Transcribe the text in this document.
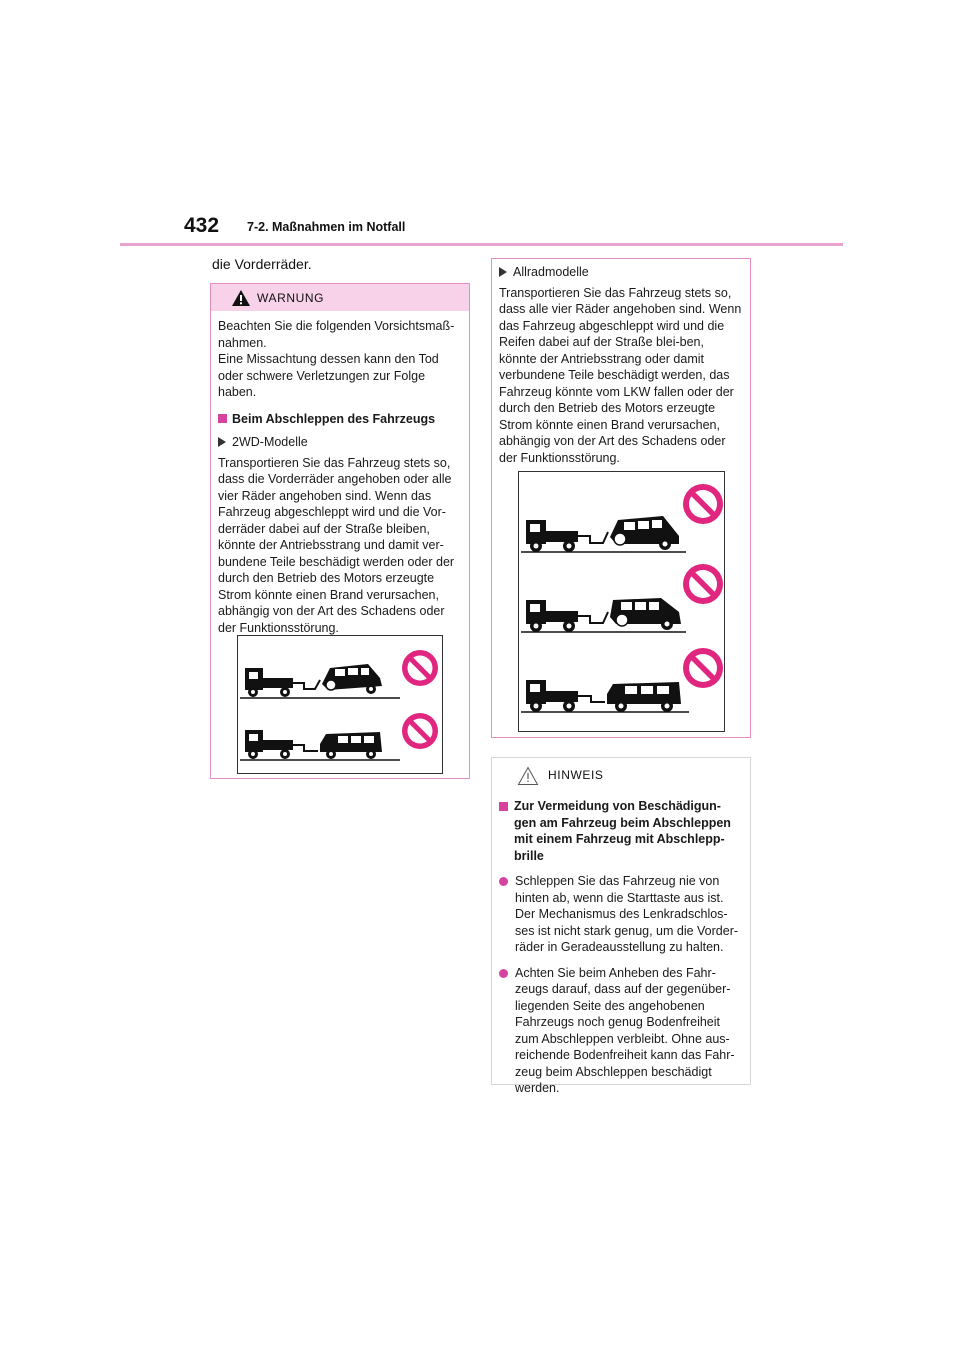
432 7-2. Maßnahmen im Notfall
die Vorderräder.
WARNUNG

Beachten Sie die folgenden Vorsichtsmaß-nahmen.
Eine Missachtung dessen kann den Tod oder schwere Verletzungen zur Folge haben.

Beim Abschleppen des Fahrzeugs

2WD-Modelle

Transportieren Sie das Fahrzeug stets so, dass die Vorderräder angehoben oder alle vier Räder angehoben sind. Wenn das Fahrzeug abgeschleppt wird und die Vor-derräder dabei auf der Straße bleiben, könnte der Antriebsstrang und damit ver-bundene Teile beschädigt werden oder der durch den Betrieb des Motors erzeugte Strom könnte einen Brand verursachen, abhängig von der Art des Schadens oder der Funktionsstörung.

Allradmodelle

Transportieren Sie das Fahrzeug stets so, dass alle vier Räder angehoben sind. Wenn das Fahrzeug abgeschleppt wird und die Reifen dabei auf der Straße blei-ben, könnte der Antriebsstrang oder damit verbundene Teile beschädigt werden, das Fahrzeug könnte vom LKW fallen oder der durch den Betrieb des Motors erzeugte Strom könnte einen Brand verursachen, abhängig von der Art des Schadens oder der Funktionsstörung.

HINWEIS

Zur Vermeidung von Beschädigun-gen am Fahrzeug beim Abschleppen mit einem Fahrzeug mit Abschlepp-brille

Schleppen Sie das Fahrzeug nie von hinten ab, wenn die Starttaste aus ist. Der Mechanismus des Lenkradschlos-ses ist nicht stark genug, um die Vorder-räder in Geradeausstellung zu halten.

Achten Sie beim Anheben des Fahr-zeugs darauf, dass auf der gegenüber-liegenden Seite des angehobenen Fahrzeugs noch genug Bodenfreiheit zum Abschleppen verbleibt. Ohne aus-reichende Bodenfreiheit kann das Fahr-zeug beim Abschleppen beschädigt werden.
